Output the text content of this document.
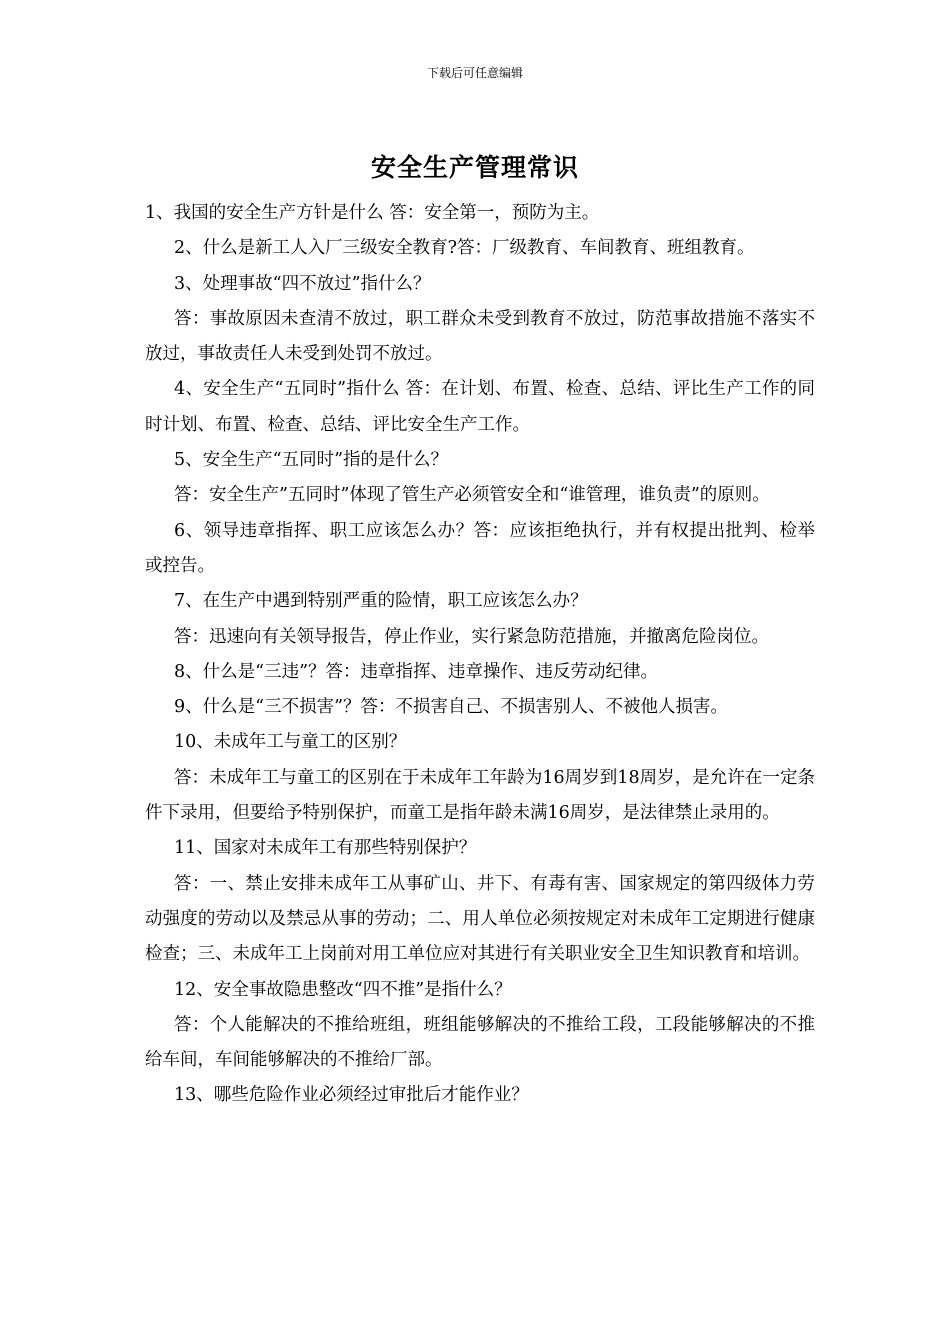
下载后可任意编辑
安全生产管理常识

1、我国的安全生产方针是什么 答：安全第一，预防为主。

2、什么是新工人入厂三级安全教育?答：厂级教育、车间教育、班组教育。

3、处理事故“四不放过”指什么？

答：事故原因未查清不放过，职工群众未受到教育不放过，防范事故措施不落实不放过，事故责任人未受到处罚不放过。

4、安全生产“五同时”指什么 答：在计划、布置、检查、总结、评比生产工作的同时计划、布置、检查、总结、评比安全生产工作。

5、安全生产“五同时”指的是什么？

答：安全生产”五同时”体现了管生产必须管安全和“谁管理，谁负责”的原则。

6、领导违章指挥、职工应该怎么办？答：应该拒绝执行，并有权提出批判、检举或控告。

7、在生产中遇到特别严重的险情，职工应该怎么办？

答：迅速向有关领导报告，停止作业，实行紧急防范措施，并撤离危险岗位。

8、什么是“三违”？答：违章指挥、违章操作、违反劳动纪律。

9、什么是“三不损害”？答：不损害自己、不损害别人、不被他人损害。

10、未成年工与童工的区别？

答：未成年工与童工的区别在于未成年工年龄为16周岁到18周岁，是允许在一定条件下录用，但要给予特别保护，而童工是指年龄未满16周岁，是法律禁止录用的。

11、国家对未成年工有那些特别保护？

答：一、禁止安排未成年工从事矿山、井下、有毒有害、国家规定的第四级体力劳动强度的劳动以及禁忌从事的劳动；二、用人单位必须按规定对未成年工定期进行健康检查；三、未成年工上岗前对用工单位应对其进行有关职业安全卫生知识教育和培训。

12、安全事故隐患整改“四不推”是指什么？

答：个人能解决的不推给班组，班组能够解决的不推给工段，工段能够解决的不推给车间，车间能够解决的不推给厂部。

13、哪些危险作业必须经过审批后才能作业？
